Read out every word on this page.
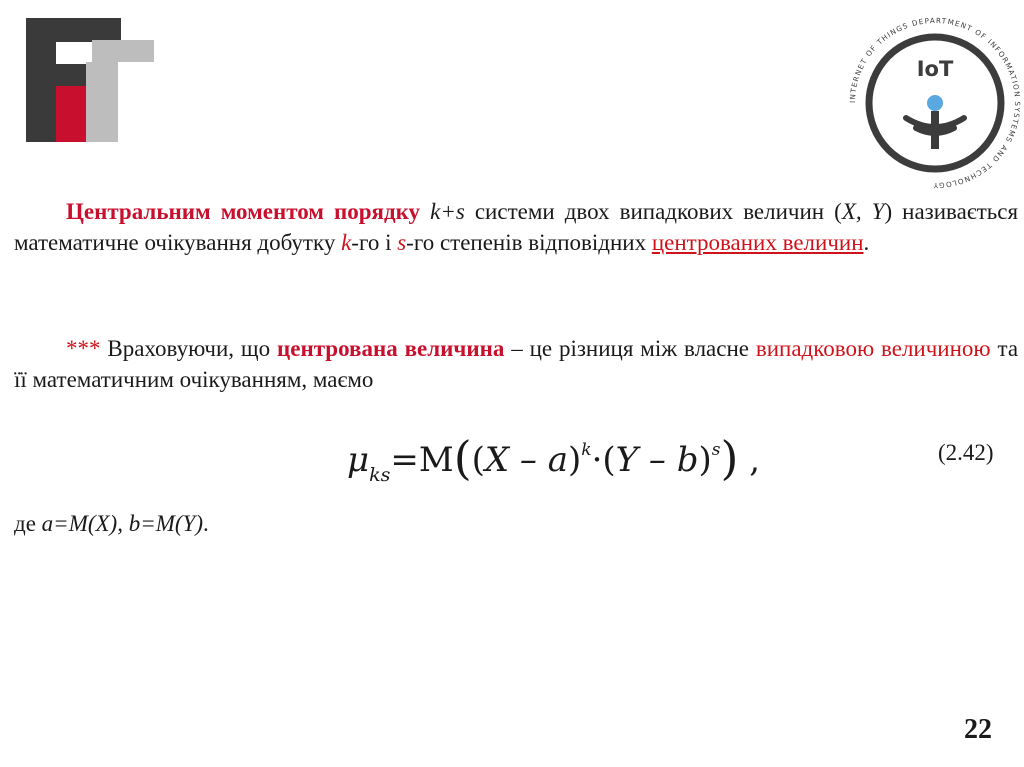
INTERNET OF THINGS DEPARTMENT OF INFORMATION SYSTEMS AND TECHNOLOGY
IoT
Центральним моментом порядку k+s системи двох випадкових величин (X, Y) називається математичне очікування добутку k-го і s-го степенів відповідних центрованих величин.
*** Враховуючи, що центрована величина – це різниця між власне випадковою величиною та її математичним очікуванням, маємо
$\mu_{ks}=M((X - a)^k\cdot(Y - b)^s)$ ,	(2.42)
де a=M(X), b=M(Y).
22
